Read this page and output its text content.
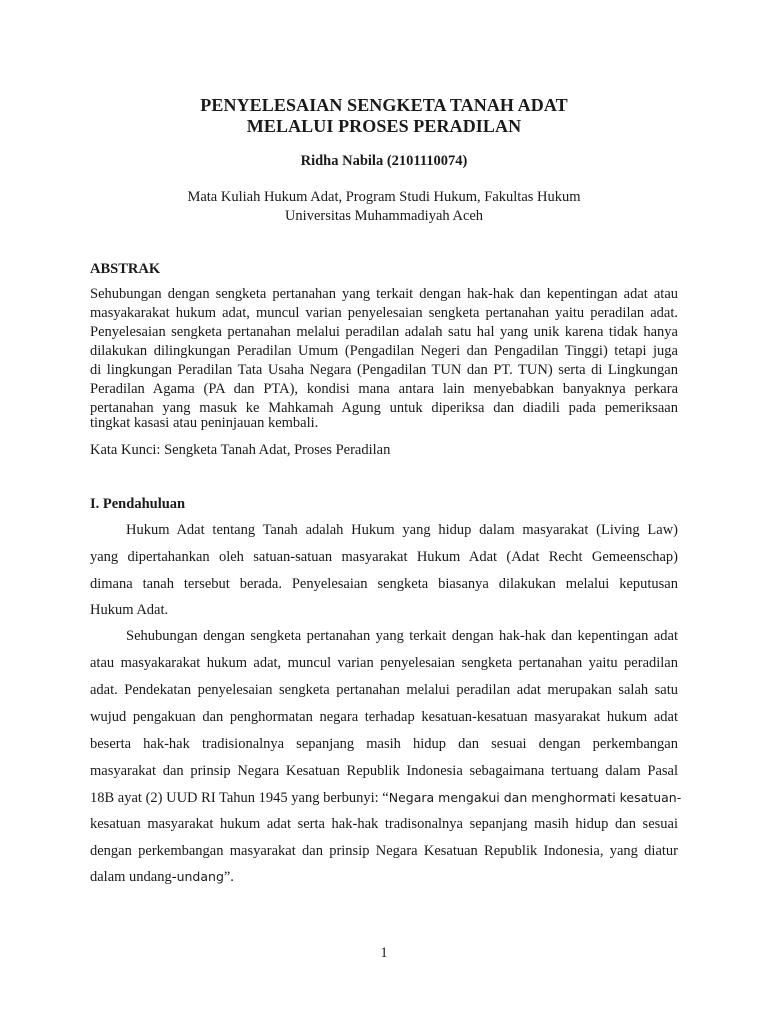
PENYELESAIAN SENGKETA TANAH ADAT
MELALUI PROSES PERADILAN
Ridha Nabila (2101110074)
Mata Kuliah Hukum Adat, Program Studi Hukum, Fakultas Hukum
Universitas Muhammadiyah Aceh
ABSTRAK
Sehubungan dengan sengketa pertanahan yang terkait dengan hak-hak dan kepentingan adat atau
masyakarakat hukum adat, muncul varian penyelesaian sengketa pertanahan yaitu peradilan adat.
Penyelesaian sengketa pertanahan melalui peradilan adalah satu hal yang unik karena tidak hanya
dilakukan dilingkungan Peradilan Umum (Pengadilan Negeri dan Pengadilan Tinggi) tetapi juga
di lingkungan Peradilan Tata Usaha Negara (Pengadilan TUN dan PT. TUN) serta di Lingkungan
Peradilan Agama (PA dan PTA), kondisi mana antara lain menyebabkan banyaknya perkara
pertanahan yang masuk ke Mahkamah Agung untuk diperiksa dan diadili pada pemeriksaan
tingkat kasasi atau peninjauan kembali.
Kata Kunci: Sengketa Tanah Adat, Proses Peradilan
I. Pendahuluan
Hukum Adat tentang Tanah adalah Hukum yang hidup dalam masyarakat (Living Law)
yang dipertahankan oleh satuan-satuan masyarakat Hukum Adat (Adat Recht Gemeenschap)
dimana tanah tersebut berada. Penyelesaian sengketa biasanya dilakukan melalui keputusan
Hukum Adat.
Sehubungan dengan sengketa pertanahan yang terkait dengan hak-hak dan kepentingan adat
atau masyakarakat hukum adat, muncul varian penyelesaian sengketa pertanahan yaitu peradilan
adat. Pendekatan penyelesaian sengketa pertanahan melalui peradilan adat merupakan salah satu
wujud pengakuan dan penghormatan negara terhadap kesatuan-kesatuan masyarakat hukum adat
beserta hak-hak tradisionalnya sepanjang masih hidup dan sesuai dengan perkembangan
masyarakat dan prinsip Negara Kesatuan Republik Indonesia sebagaimana tertuang dalam Pasal
18B ayat (2) UUD RI Tahun 1945 yang berbunyi: “Negara mengakui dan menghormati kesatuan-
kesatuan masyarakat hukum adat serta hak-hak tradisonalnya sepanjang masih hidup dan sesuai
dengan perkembangan masyarakat dan prinsip Negara Kesatuan Republik Indonesia, yang diatur
dalam undang-undang”.
1
